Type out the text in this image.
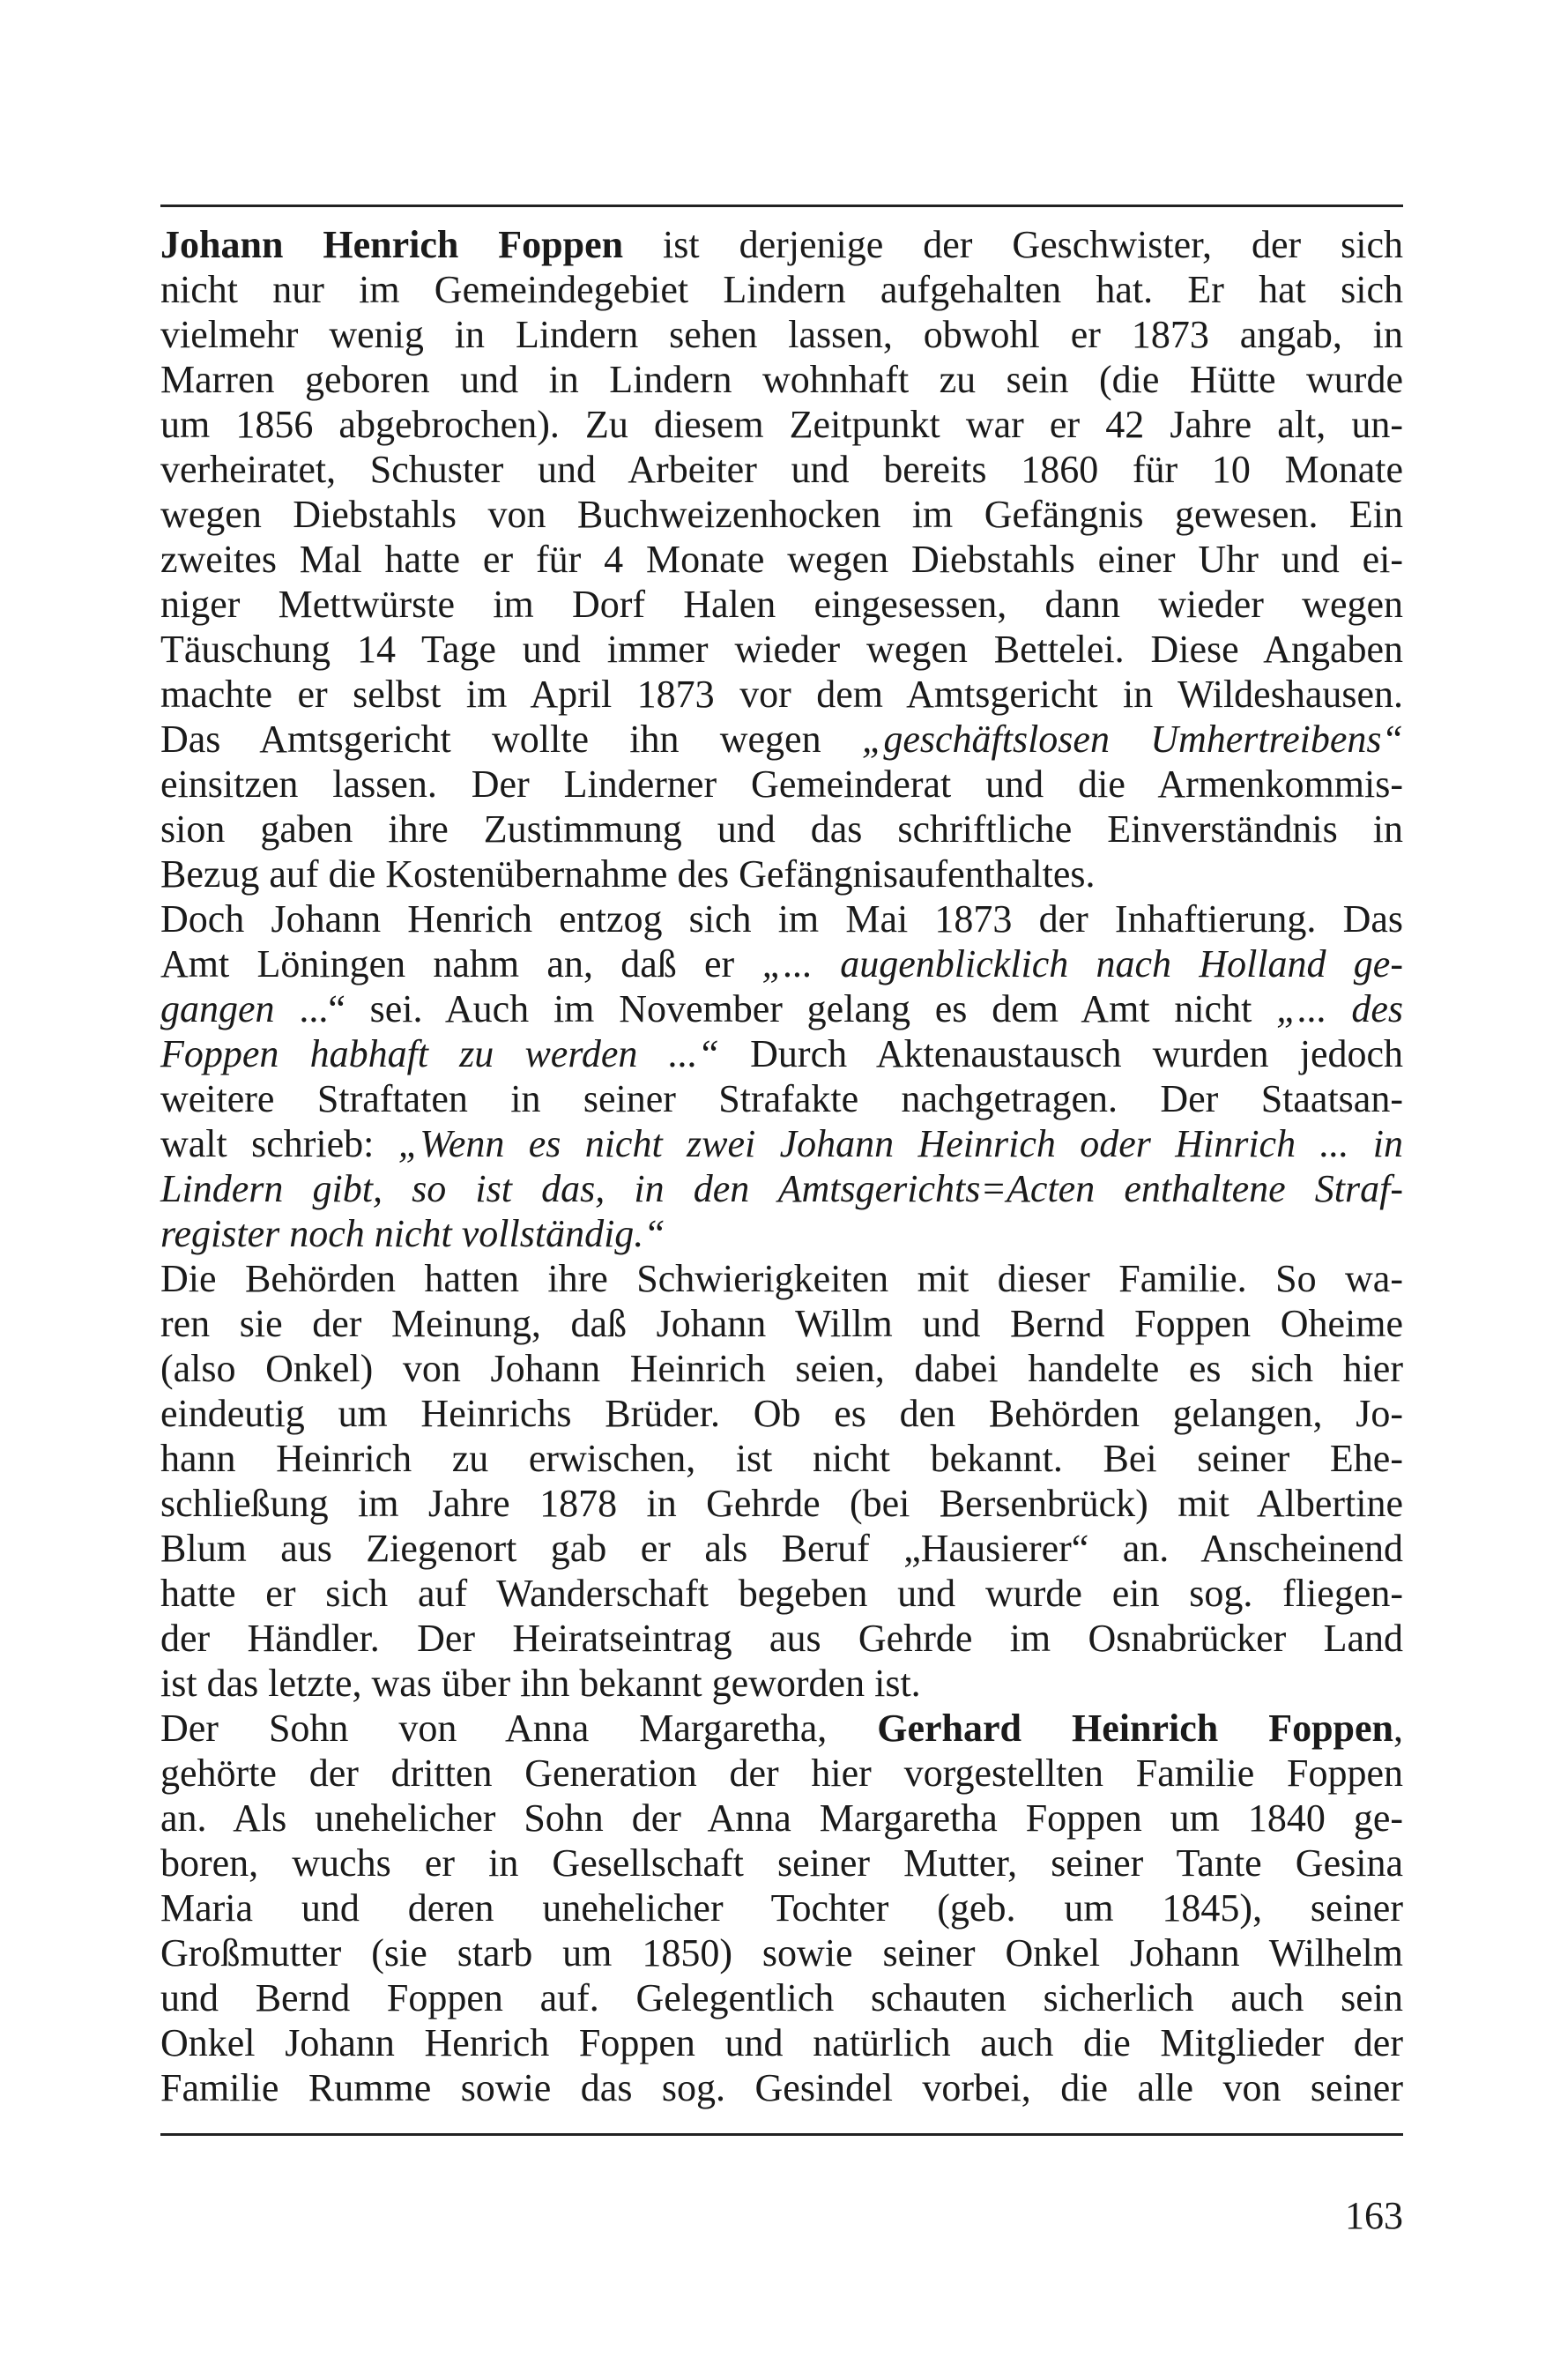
Johann Henrich Foppen ist derjenige der Geschwister, der sich
nicht nur im Gemeindegebiet Lindern aufgehalten hat. Er hat sich
vielmehr wenig in Lindern sehen lassen, obwohl er 1873 angab, in
Marren geboren und in Lindern wohnhaft zu sein (die Hütte wurde
um 1856 abgebrochen). Zu diesem Zeitpunkt war er 42 Jahre alt, un-
verheiratet, Schuster und Arbeiter und bereits 1860 für 10 Monate
wegen Diebstahls von Buchweizenhocken im Gefängnis gewesen. Ein
zweites Mal hatte er für 4 Monate wegen Diebstahls einer Uhr und ei-
niger Mettwürste im Dorf Halen eingesessen, dann wieder wegen
Täuschung 14 Tage und immer wieder wegen Bettelei. Diese Angaben
machte er selbst im April 1873 vor dem Amtsgericht in Wildeshausen.
Das Amtsgericht wollte ihn wegen „geschäftslosen Umhertreibens“
einsitzen lassen. Der Linderner Gemeinderat und die Armenkommis-
sion gaben ihre Zustimmung und das schriftliche Einverständnis in
Bezug auf die Kostenübernahme des Gefängnisaufenthaltes.
Doch Johann Henrich entzog sich im Mai 1873 der Inhaftierung. Das
Amt Löningen nahm an, daß er „... augenblicklich nach Holland ge-
gangen ...“ sei. Auch im November gelang es dem Amt nicht „... des
Foppen habhaft zu werden ...“ Durch Aktenaustausch wurden jedoch
weitere Straftaten in seiner Strafakte nachgetragen. Der Staatsan-
walt schrieb: „Wenn es nicht zwei Johann Heinrich oder Hinrich ... in
Lindern gibt, so ist das, in den Amtsgerichts=Acten enthaltene Straf-
register noch nicht vollständig.“
Die Behörden hatten ihre Schwierigkeiten mit dieser Familie. So wa-
ren sie der Meinung, daß Johann Willm und Bernd Foppen Oheime
(also Onkel) von Johann Heinrich seien, dabei handelte es sich hier
eindeutig um Heinrichs Brüder. Ob es den Behörden gelangen, Jo-
hann Heinrich zu erwischen, ist nicht bekannt. Bei seiner Ehe-
schließung im Jahre 1878 in Gehrde (bei Bersenbrück) mit Albertine
Blum aus Ziegenort gab er als Beruf „Hausierer“ an. Anscheinend
hatte er sich auf Wanderschaft begeben und wurde ein sog. fliegen-
der Händler. Der Heiratseintrag aus Gehrde im Osnabrücker Land
ist das letzte, was über ihn bekannt geworden ist.
Der Sohn von Anna Margaretha, Gerhard Heinrich Foppen,
gehörte der dritten Generation der hier vorgestellten Familie Foppen
an. Als unehelicher Sohn der Anna Margaretha Foppen um 1840 ge-
boren, wuchs er in Gesellschaft seiner Mutter, seiner Tante Gesina
Maria und deren unehelicher Tochter (geb. um 1845), seiner
Großmutter (sie starb um 1850) sowie seiner Onkel Johann Wilhelm
und Bernd Foppen auf. Gelegentlich schauten sicherlich auch sein
Onkel Johann Henrich Foppen und natürlich auch die Mitglieder der
Familie Rumme sowie das sog. Gesindel vorbei, die alle von seiner
163
